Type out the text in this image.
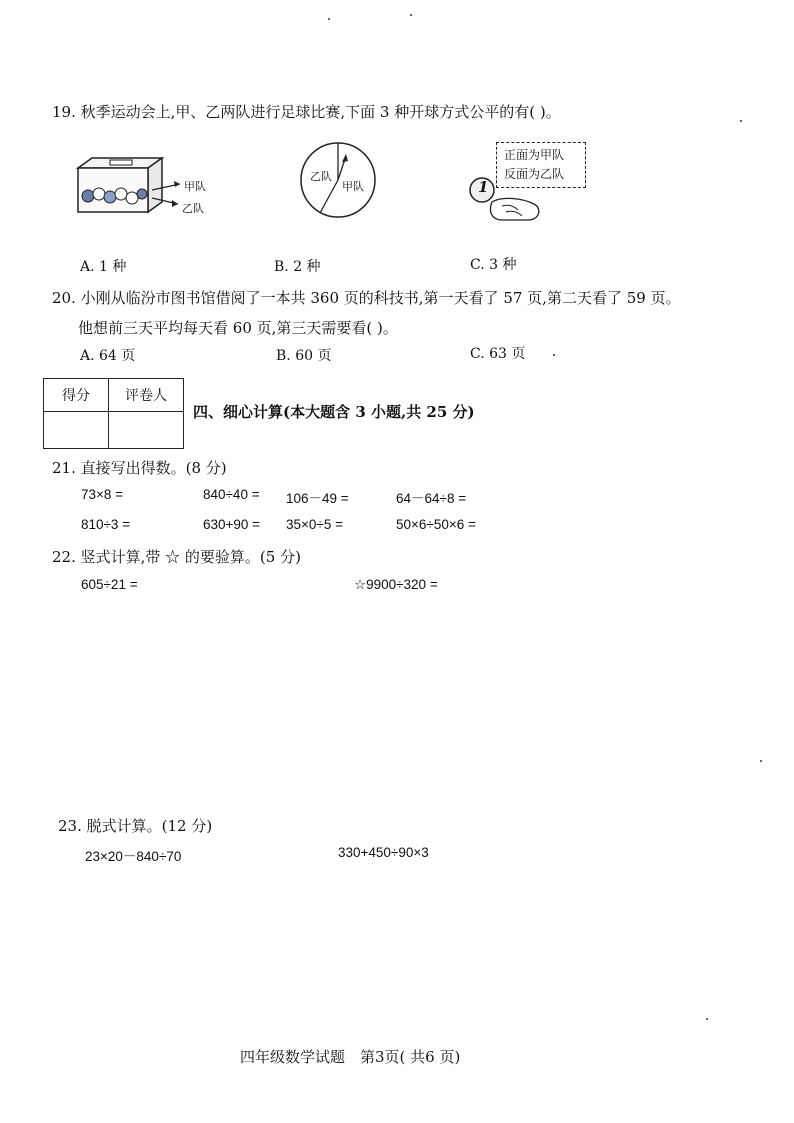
19. 秋季运动会上,甲、乙两队进行足球比赛,下面 3 种开球方式公平的有( )。
甲队
乙队
乙队
甲队
正面为甲队
反面为乙队
1
A. 1 种	B. 2 种	C. 3 种
20. 小刚从临汾市图书馆借阅了一本共 360 页的科技书,第一天看了 57 页,第二天看了 59 页。
他想前三天平均每天看 60 页,第三天需要看( )。
A. 64 页	B. 60 页	C. 63 页
得分	评卷人

四、细心计算(本大题含 3 小题,共 25 分)
21. 直接写出得数。(8 分)
73×8 =	840÷40 = 106－49 =	64－64÷8 =
810÷3 =	630+90 = 35×0÷5 =	50×6÷50×6 =
22. 竖式计算,带 ☆ 的要验算。(5 分)
605÷21 =	☆9900÷320 =
23. 脱式计算。(12 分)
23×20－840÷70	330+450÷90×3
四年级数学试题　第3页( 共6 页)
